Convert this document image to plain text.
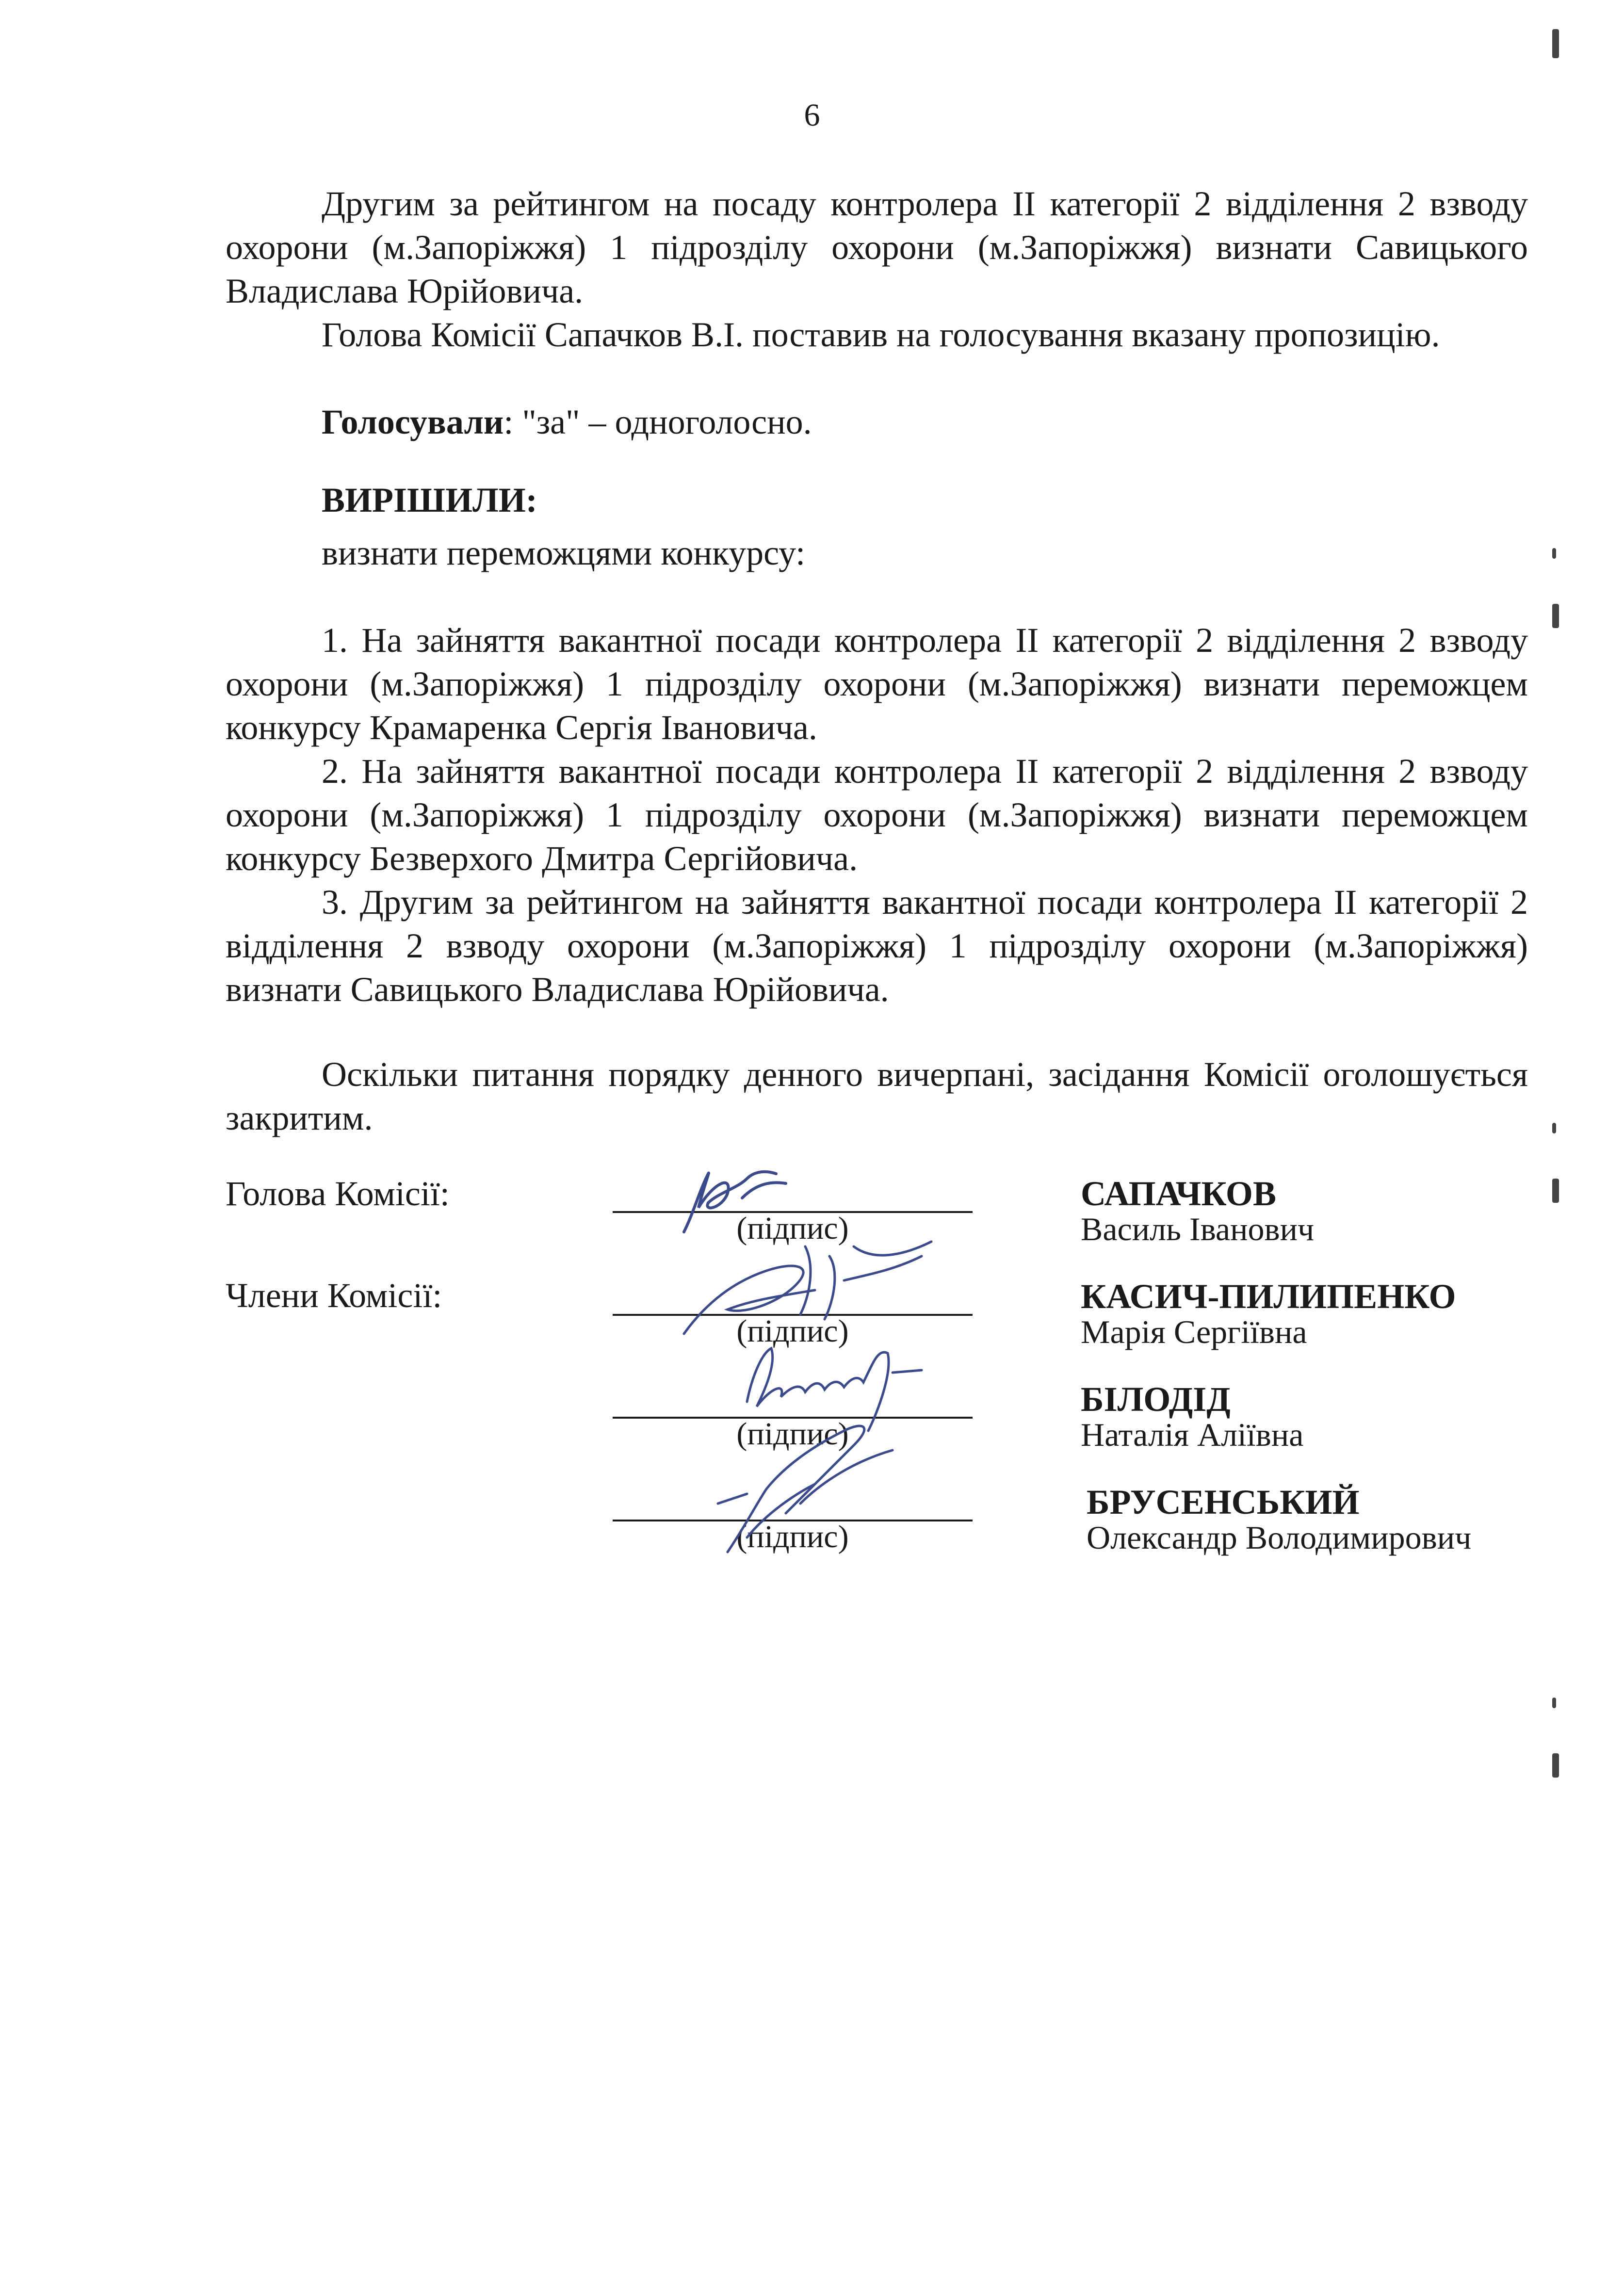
6
Другим за рейтингом на посаду контролера II категорії 2 відділення 2 взводу охорони (м.Запоріжжя) 1 підрозділу охорони (м.Запоріжжя) визнати Савицького Владислава Юрійовича.
Голова Комісії Сапачков В.І. поставив на голосування вказану пропозицію.
Голосували: "за" – одноголосно.
ВИРІШИЛИ:
визнати переможцями конкурсу:
1. На зайняття вакантної посади контролера II категорії 2 відділення 2 взводу охорони (м.Запоріжжя) 1 підрозділу охорони (м.Запоріжжя) визнати переможцем конкурсу Крамаренка Сергія Івановича.
2. На зайняття вакантної посади контролера II категорії 2 відділення 2 взводу охорони (м.Запоріжжя) 1 підрозділу охорони (м.Запоріжжя) визнати переможцем конкурсу Безверхого Дмитра Сергійовича.
3. Другим за рейтингом на зайняття вакантної посади контролера II категорії 2 відділення 2 взводу охорони (м.Запоріжжя) 1 підрозділу охорони (м.Запоріжжя) визнати Савицького Владислава Юрійовича.
Оскільки питання порядку денного вичерпані, засідання Комісії оголошується закритим.
Голова Комісії:
Члени Комісії:
(підпис)
САПАЧКОВ
Василь Іванович
(підпис)
КАСИЧ-ПИЛИПЕНКО
Марія Сергіївна
(підпис)
БІЛОДІД
Наталія Аліївна
(підпис)
БРУСЕНСЬКИЙ
Олександр Володимирович
